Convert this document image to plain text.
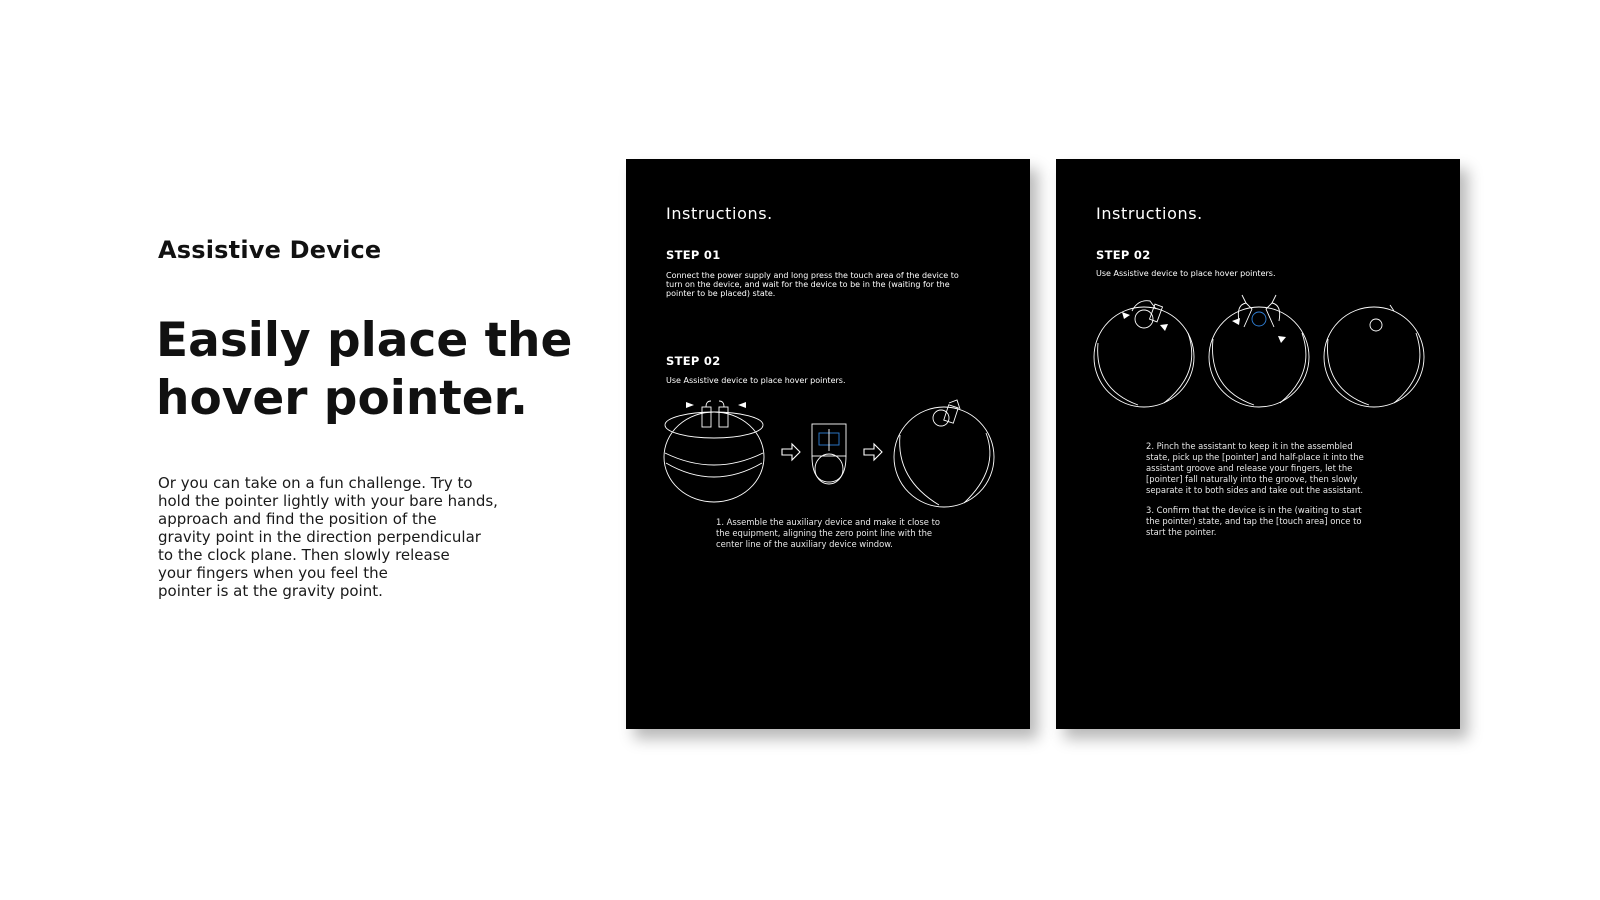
Assistive Device

Easily place the
hover pointer.
Or you can take on a fun challenge. Try to
hold the pointer lightly with your bare hands,
approach and find the position of the
gravity point in the direction perpendicular
to the clock plane. Then slowly release
your fingers when you feel the
pointer is at the gravity point.
Instructions.
STEP 01
Connect the power supply and long press the touch area of the device to
turn on the device, and wait for the device to be in the (waiting for the
pointer to be placed) state.
STEP 02
Use Assistive device to place hover pointers.
1. Assemble the auxiliary device and make it close to
the equipment, aligning the zero point line with the
center line of the auxiliary device window.
Instructions.
STEP 02
Use Assistive device to place hover pointers.
2. Pinch the assistant to keep it in the assembled
state, pick up the [pointer] and half-place it into the
assistant groove and release your fingers, let the
[pointer] fall naturally into the groove, then slowly
separate it to both sides and take out the assistant.
3. Confirm that the device is in the (waiting to start
the pointer) state, and tap the [touch area] once to
start the pointer.
